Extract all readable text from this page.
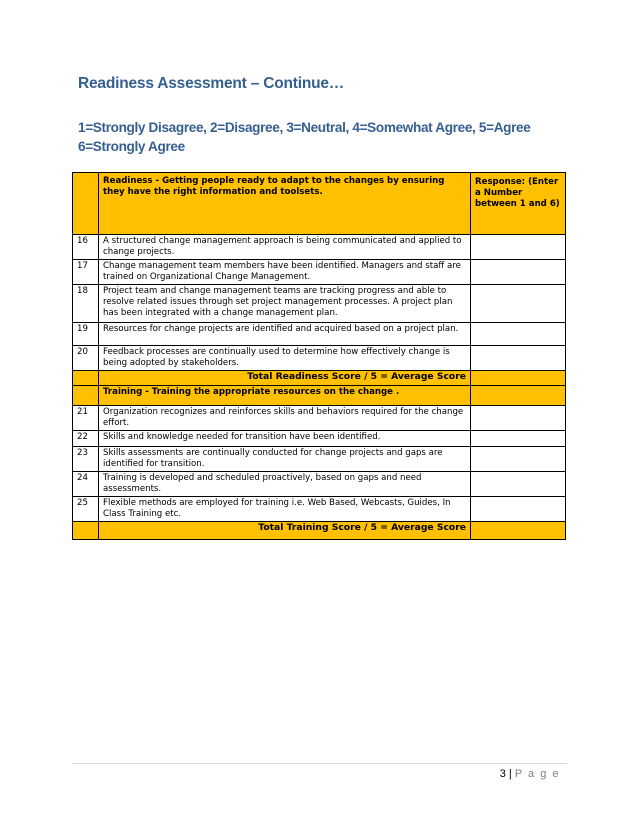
Readiness Assessment – Continue…
1=Strongly Disagree, 2=Disagree, 3=Neutral, 4=Somewhat Agree, 5=Agree
6=Strongly Agree
	Readiness - Getting people ready to adapt to the changes by ensuring they have the right information and toolsets.	Response: (Enter a Number between 1 and 6)
16	A structured change management approach is being communicated and applied to change projects.	
17	Change management team members have been identified. Managers and staff are trained on Organizational Change Management.	
18	Project team and change management teams are tracking progress and able to resolve related issues through set project management processes. A project plan has been integrated with a change management plan.	
19	Resources for change projects are identified and acquired based on a project plan.	
20	Feedback processes are continually used to determine how effectively change is being adopted by stakeholders.	
	Total Readiness Score / 5 = Average Score	
	Training - Training the appropriate resources on the change .	
21	Organization recognizes and reinforces skills and behaviors required for the change effort.	
22	Skills and knowledge needed for transition have been identified.	
23	Skills assessments are continually conducted for change projects and gaps are identified for transition.	
24	Training is developed and scheduled proactively, based on gaps and need assessments.	
25	Flexible methods are employed for training i.e. Web Based, Webcasts, Guides, In Class Training etc.	
	Total Training Score / 5 = Average Score	
3 | P a g e
